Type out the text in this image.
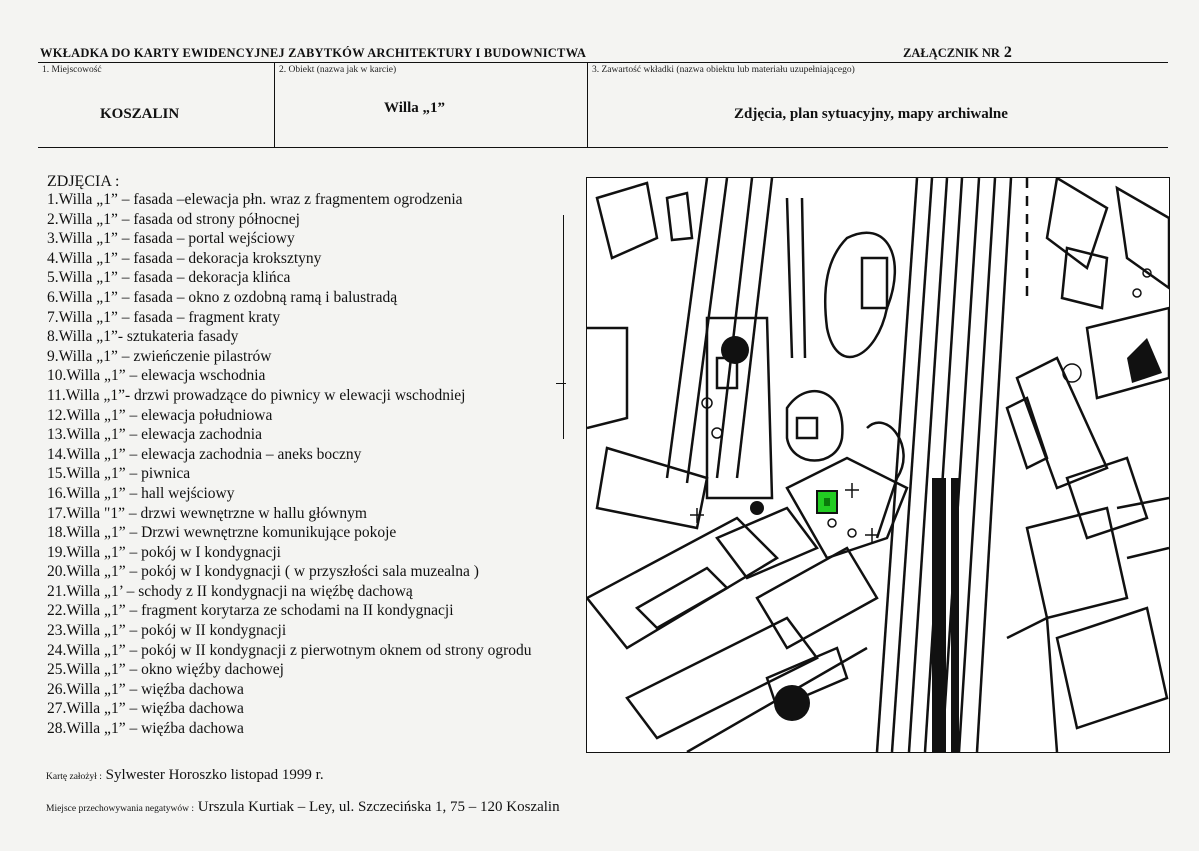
WKŁADKA DO KARTY EWIDENCYJNEJ ZABYTKÓW ARCHITEKTURY I BUDOWNICTWA	ZAŁĄCZNIK NR 2
1. Miejscowość	2. Obiekt (nazwa jak w karcie)	3. Zawartość wkładki (nazwa obiektu lub materiału uzupełniającego)
KOSZALIN	Willa „1”	Zdjęcia, plan sytuacyjny, mapy archiwalne
ZDJĘCIA :
1.Willa „1” – fasada –elewacja płn. wraz z fragmentem ogrodzenia
2.Willa „1” – fasada od strony północnej
3.Willa „1” – fasada – portal wejściowy
4.Willa „1” – fasada – dekoracja kroksztyny
5.Willa „1” – fasada – dekoracja klińca
6.Willa „1” – fasada – okno z ozdobną ramą i balustradą
7.Willa „1” – fasada – fragment kraty
8.Willa „1”- sztukateria fasady
9.Willa „1” – zwieńczenie pilastrów
10.Willa „1” – elewacja wschodnia
11.Willa „1”- drzwi prowadzące do piwnicy w elewacji wschodniej
12.Willa „1” – elewacja południowa
13.Willa „1” – elewacja zachodnia
14.Willa „1” – elewacja zachodnia – aneks boczny
15.Willa „1” – piwnica
16.Willa „1” – hall wejściowy
17.Willa "1” – drzwi wewnętrzne w hallu głównym
18.Willa „1” – Drzwi wewnętrzne komunikujące pokoje
19.Willa „1” – pokój w I kondygnacji
20.Willa „1” – pokój w I kondygnacji ( w przyszłości sala muzealna )
21.Willa „1’ – schody z II kondygnacji na więźbę dachową
22.Willa „1” – fragment korytarza ze schodami na II kondygnacji
23.Willa „1” – pokój w II kondygnacji
24.Willa „1” – pokój w II kondygnacji z pierwotnym oknem od strony ogrodu
25.Willa „1” – okno więźby dachowej
26.Willa „1” – więźba dachowa
27.Willa „1” – więźba dachowa
28.Willa „1” – więźba dachowa
Kartę założył : Sylwester Horoszko listopad 1999 r.
Miejsce przechowywania negatywów : Urszula Kurtiak – Ley, ul. Szczecińska 1, 75 – 120 Koszalin
